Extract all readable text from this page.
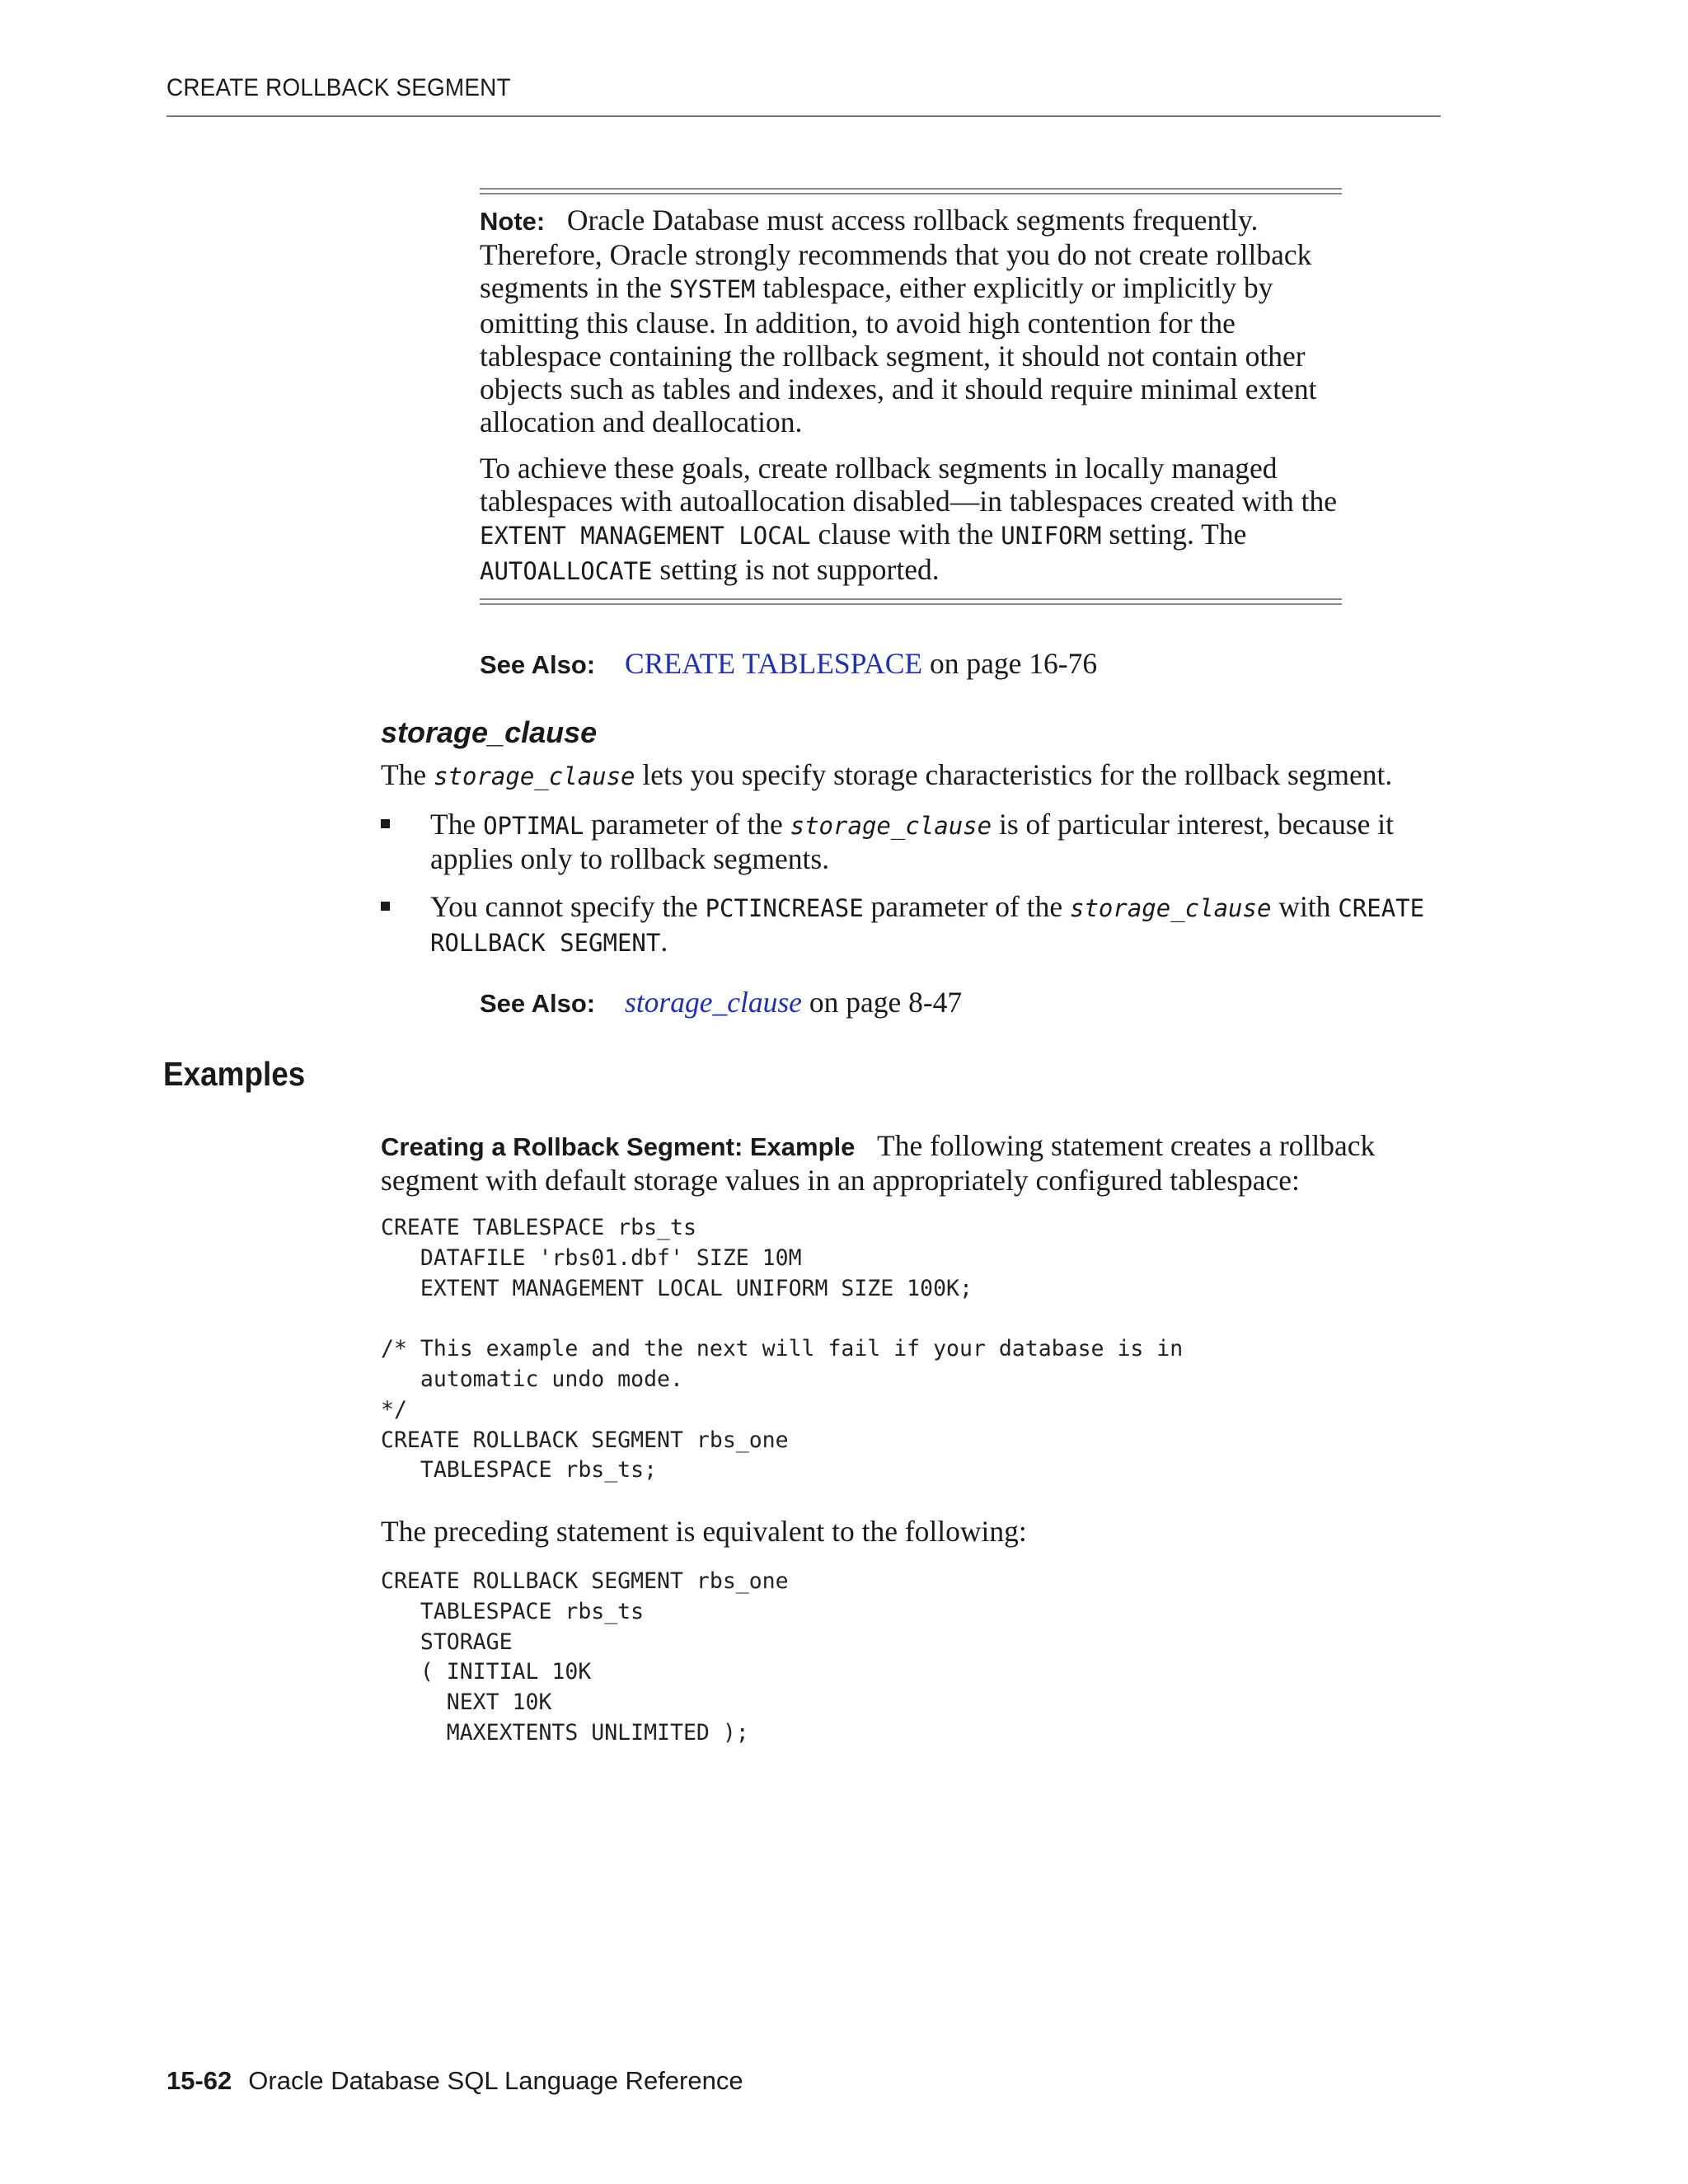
CREATE ROLLBACK SEGMENT
Note: Oracle Database must access rollback segments frequently. Therefore, Oracle strongly recommends that you do not create rollback segments in the SYSTEM tablespace, either explicitly or implicitly by omitting this clause. In addition, to avoid high contention for the tablespace containing the rollback segment, it should not contain other objects such as tables and indexes, and it should require minimal extent allocation and deallocation.
To achieve these goals, create rollback segments in locally managed tablespaces with autoallocation disabled—in tablespaces created with the EXTENT MANAGEMENT LOCAL clause with the UNIFORM setting. The AUTOALLOCATE setting is not supported.
See Also: CREATE TABLESPACE on page 16-76
storage_clause
The storage_clause lets you specify storage characteristics for the rollback segment.
The OPTIMAL parameter of the storage_clause is of particular interest, because it applies only to rollback segments.
You cannot specify the PCTINCREASE parameter of the storage_clause with CREATE ROLLBACK SEGMENT.
See Also: storage_clause on page 8-47
Examples
Creating a Rollback Segment: Example The following statement creates a rollback segment with default storage values in an appropriately configured tablespace:
CREATE TABLESPACE rbs_ts
DATAFILE 'rbs01.dbf' SIZE 10M
EXTENT MANAGEMENT LOCAL UNIFORM SIZE 100K;

/* This example and the next will fail if your database is in
automatic undo mode.
*/
CREATE ROLLBACK SEGMENT rbs_one
TABLESPACE rbs_ts;
The preceding statement is equivalent to the following:
CREATE ROLLBACK SEGMENT rbs_one
TABLESPACE rbs_ts
STORAGE
( INITIAL 10K
NEXT 10K
MAXEXTENTS UNLIMITED );
15-62 Oracle Database SQL Language Reference
